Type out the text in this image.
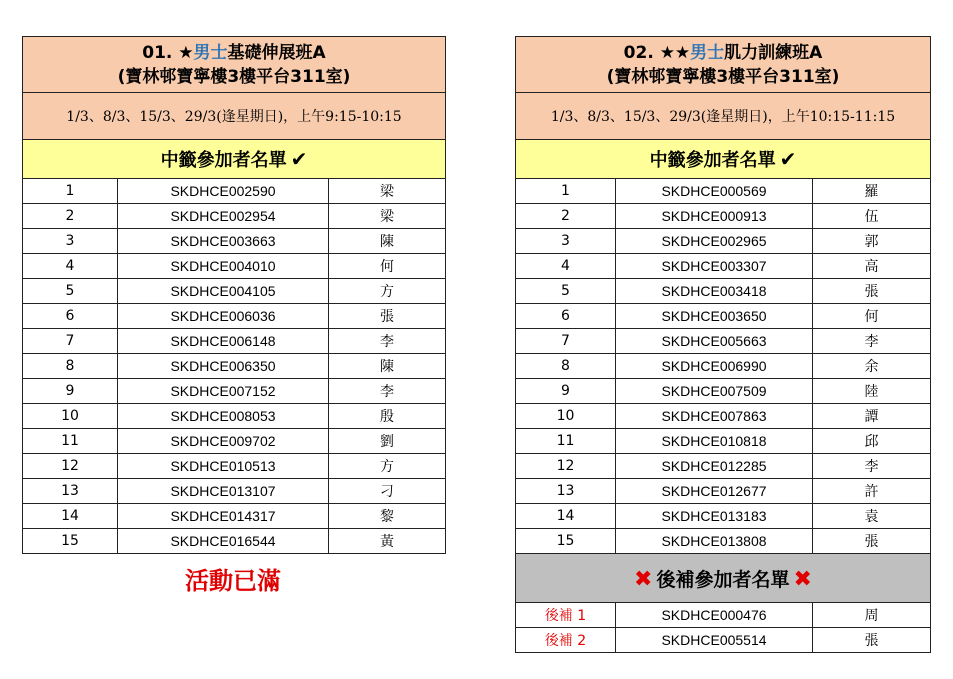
01. ★男士基礎伸展班A
(寶林邨寶寧樓3樓平台311室)		
1/3、8/3、15/3、29/3(逢星期日)，上午9:15-10:15		
中籤參加者名單 ✔		
1	SKDHCE002590	梁
2	SKDHCE002954	梁
3	SKDHCE003663	陳
4	SKDHCE004010	何
5	SKDHCE004105	方
6	SKDHCE006036	張
7	SKDHCE006148	李
8	SKDHCE006350	陳
9	SKDHCE007152	李
10	SKDHCE008053	殷
11	SKDHCE009702	劉
12	SKDHCE010513	方
13	SKDHCE013107	刁
14	SKDHCE014317	黎
15	SKDHCE016544	黃
活動已滿
02. ★★男士肌力訓練班A
(寶林邨寶寧樓3樓平台311室)		
1/3、8/3、15/3、29/3(逢星期日)，上午10:15-11:15		
中籤參加者名單 ✔		
1	SKDHCE000569	羅
2	SKDHCE000913	伍
3	SKDHCE002965	郭
4	SKDHCE003307	高
5	SKDHCE003418	張
6	SKDHCE003650	何
7	SKDHCE005663	李
8	SKDHCE006990	余
9	SKDHCE007509	陸
10	SKDHCE007863	譚
11	SKDHCE010818	邱
12	SKDHCE012285	李
13	SKDHCE012677	許
14	SKDHCE013183	袁
15	SKDHCE013808	張
✖ 後補參加者名單 ✖		
後補 1	SKDHCE000476	周
後補 2	SKDHCE005514	張
